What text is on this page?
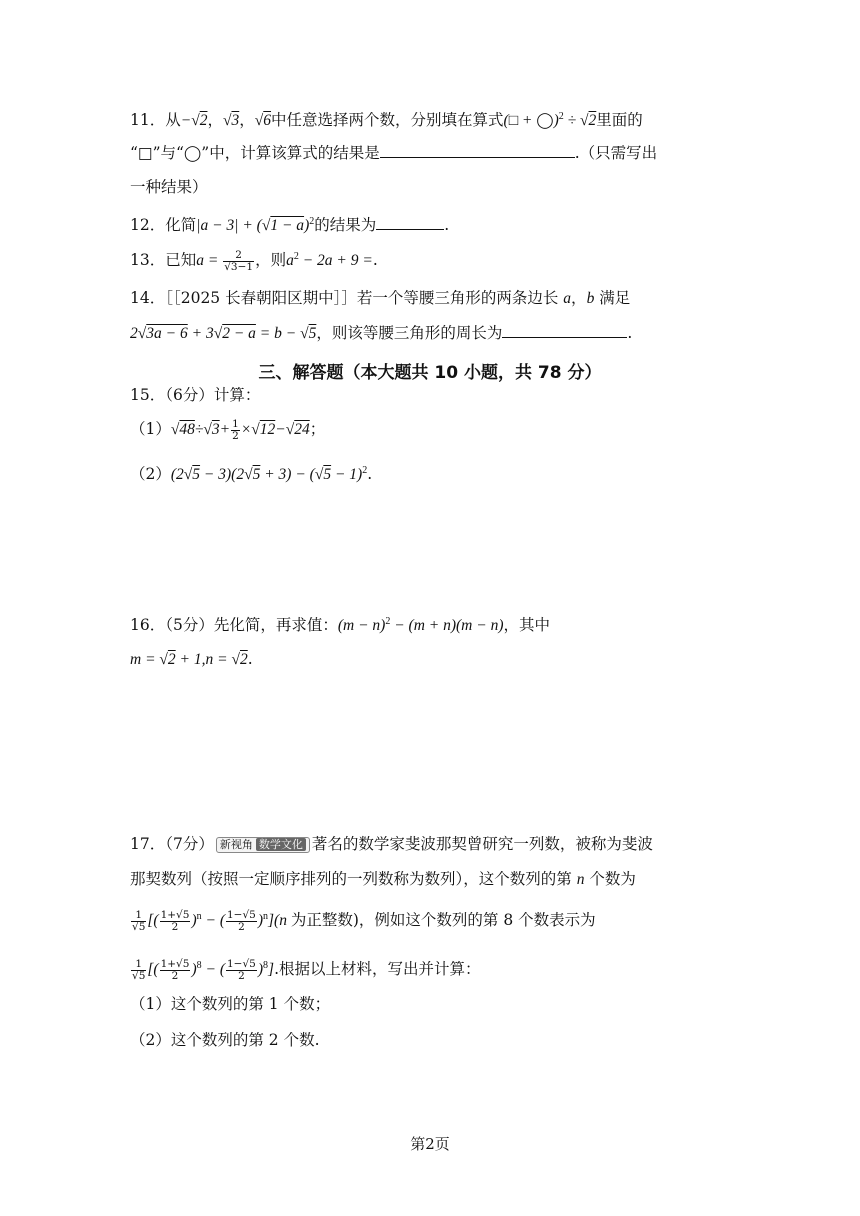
11．从−√2，√3，√6中任意选择两个数，分别填在算式(□ + ◯)$^2$ ÷ √2里面的
“□”与“◯”中，计算该算式的结果是	.（只需写出
一种结果）
12．化简$|a - 3| + (√1 - a)^2$的结果为	.
13．已知$a = \frac{2}{√3-1}$ ，则$a^2 - 2a + 9$ =.
14．［［2025 长春朝阳区期中］］若一个等腰三角形的两条边长 a，b 满足
2√3a − 6 + 3√2 − a = b − √5，则该等腰三角形的周长为	.
三、解答题（本大题共 10 小题，共 78 分）
15．（6分）计算：
$(1)√48\div√3+ \frac{1}{2} \times√12-√24$；
$(2)(2√5 - 3)(2√5 + 3) - (√5 - 1)^2$.
16．（5分）先化简，再求值：$(m - n)^2 - (m + n)(m - n)$，其中
m = √2 + 1,n = √2.
17．（7分） 新视角 数学文化 著名的数学家斐波那契曾研究一列数，被称为斐波
那契数列（按照一定顺序排列的一列数称为数列），这个数列的第 n 个数为
$\frac{1}{√5}$ [( $\frac{1+√5}{2} )^n$ − ( $\frac{1-√5}{2} )^n](n$ 为正整数)，例如这个数列的第 8 个数表示为
$\frac{1}{√5}$ [( $\frac{1+√5}{2} )^8$ − ( $\frac{1-√5}{2} )^8$].根据以上材料，写出并计算：
（1）这个数列的第 1 个数；
（2）这个数列的第 2 个数.
第2页
